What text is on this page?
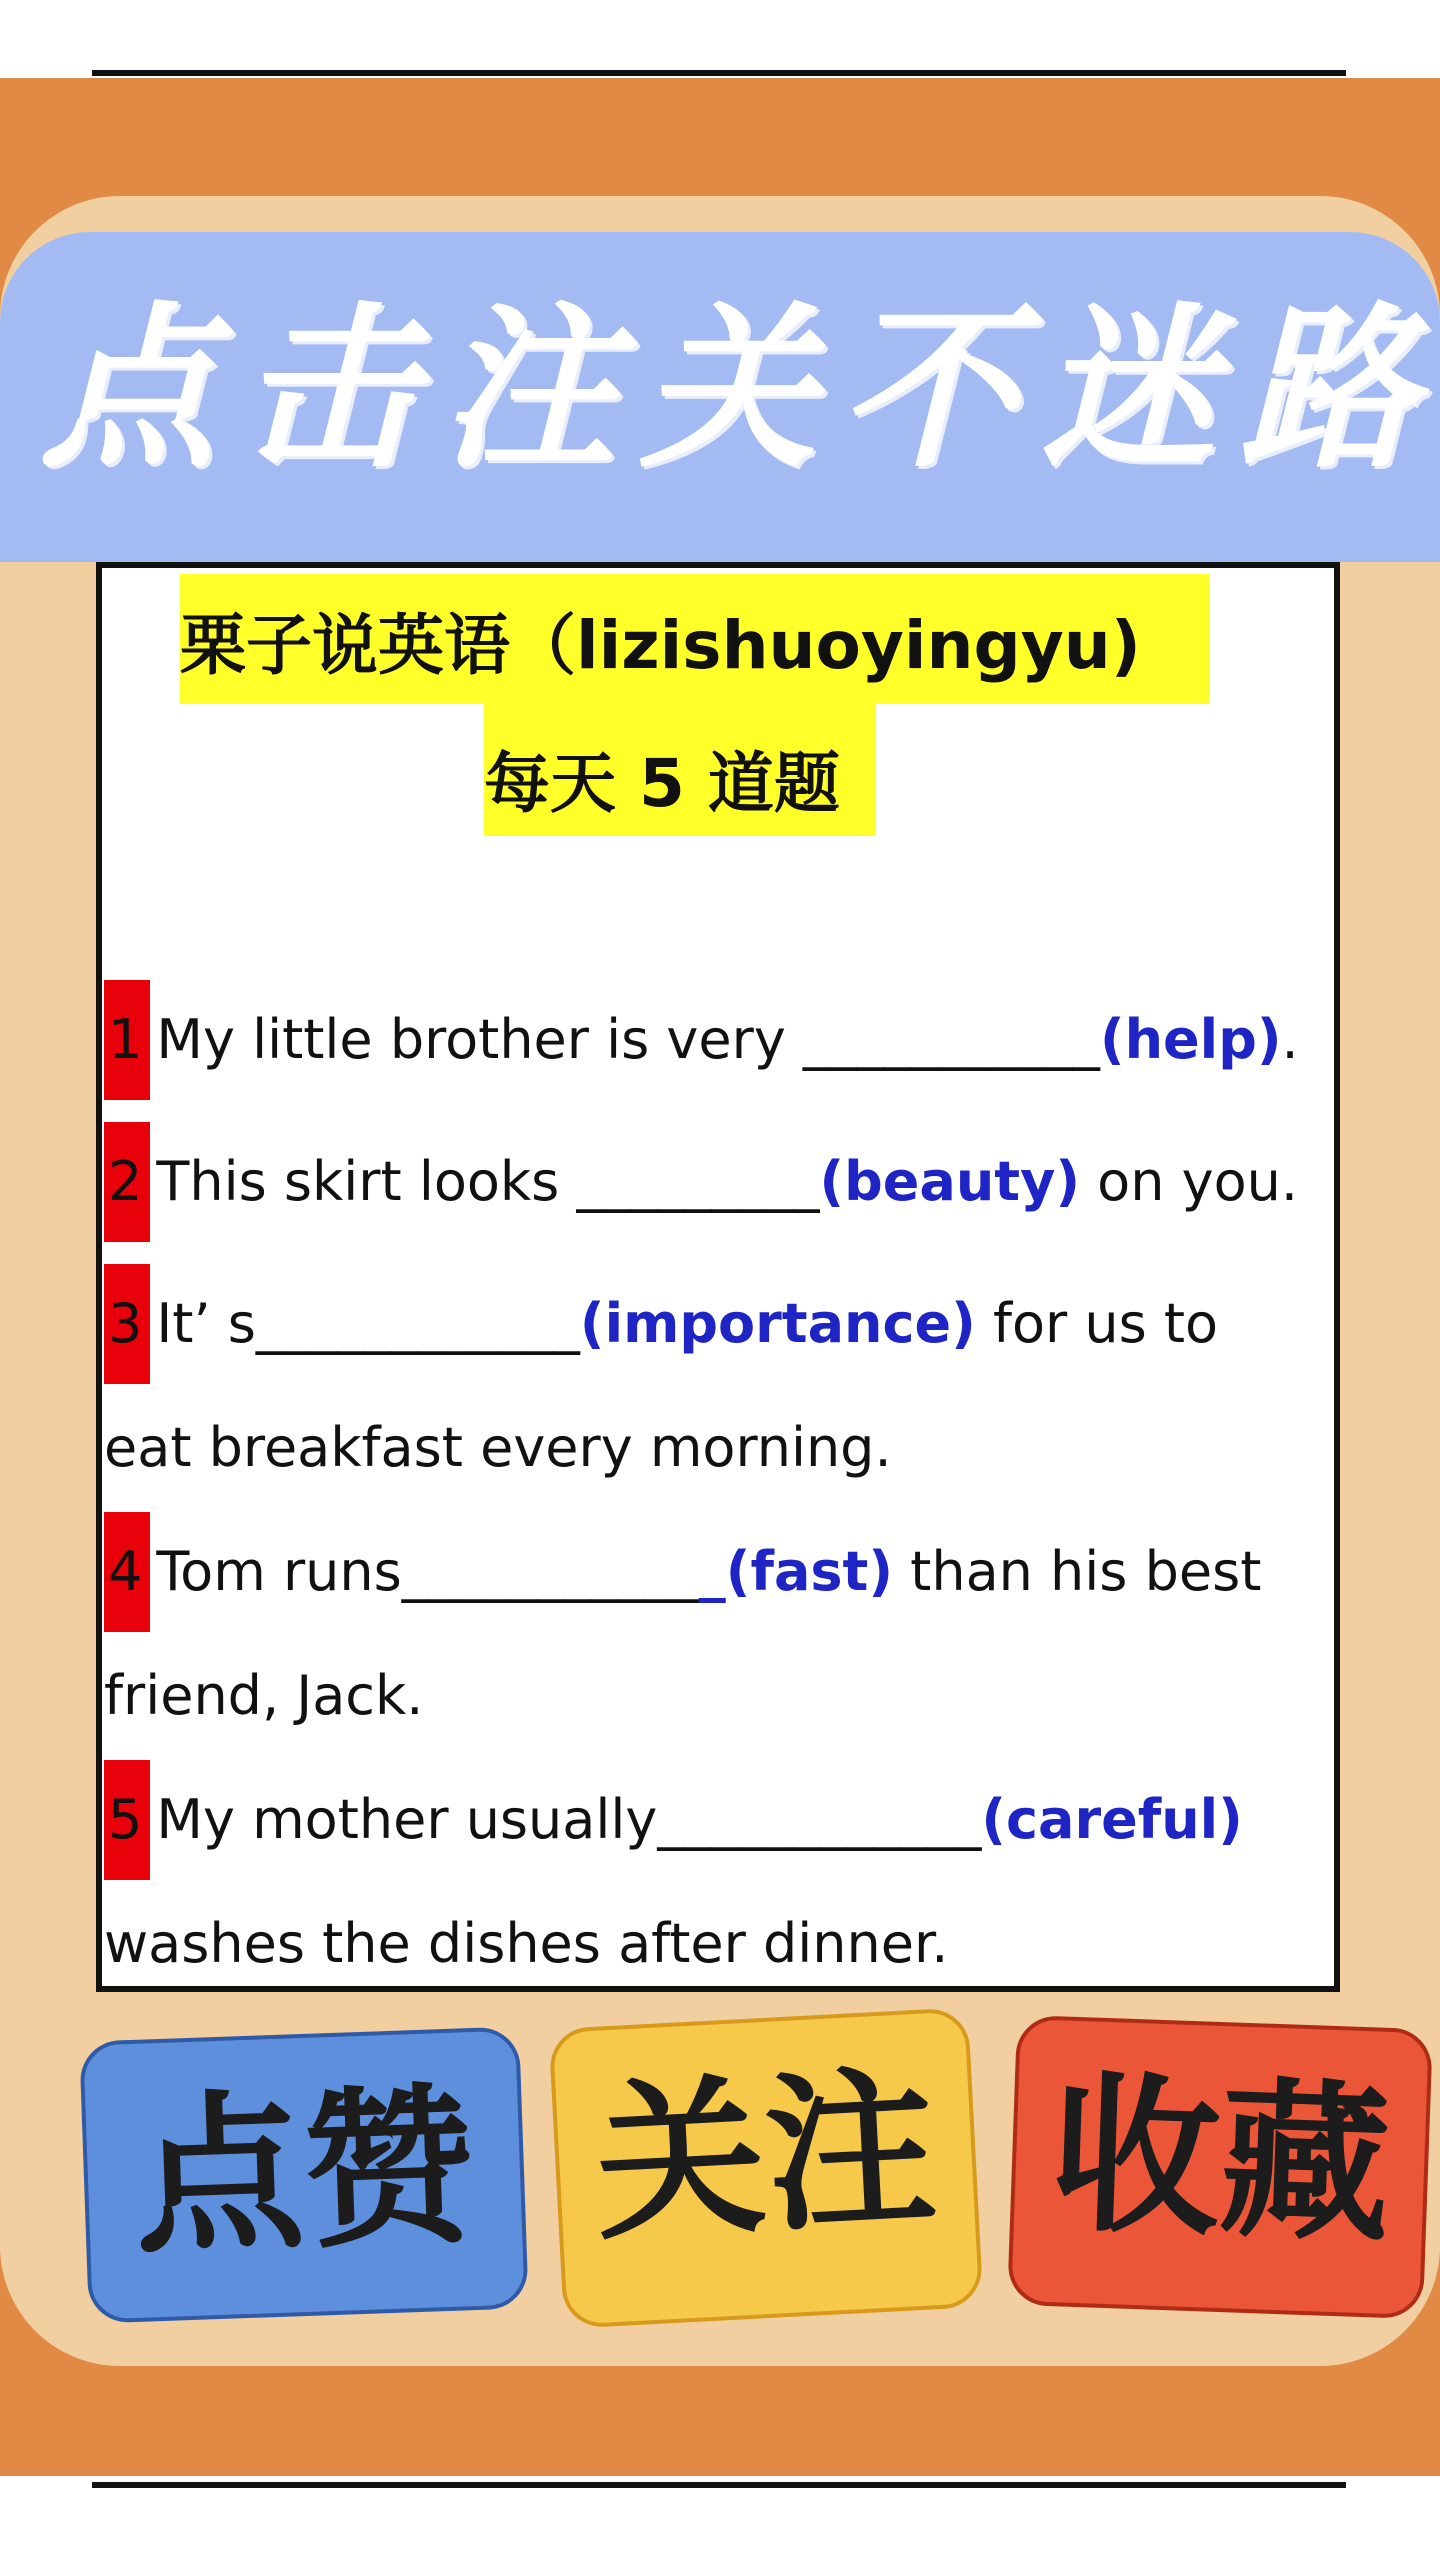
点击注关不迷路
栗子说英语（lizishuoyingyu)
每天 5 道题
1 My little brother is very ___________(help).
2 This skirt looks _________(beauty) on you.
3It’ s____________(importance) for us to
eat breakfast every morning.
4 Tom runs____________(fast) than his best
friend, Jack.
5My mother usually____________(careful)
washes the dishes after dinner.
点赞 关注 收藏
